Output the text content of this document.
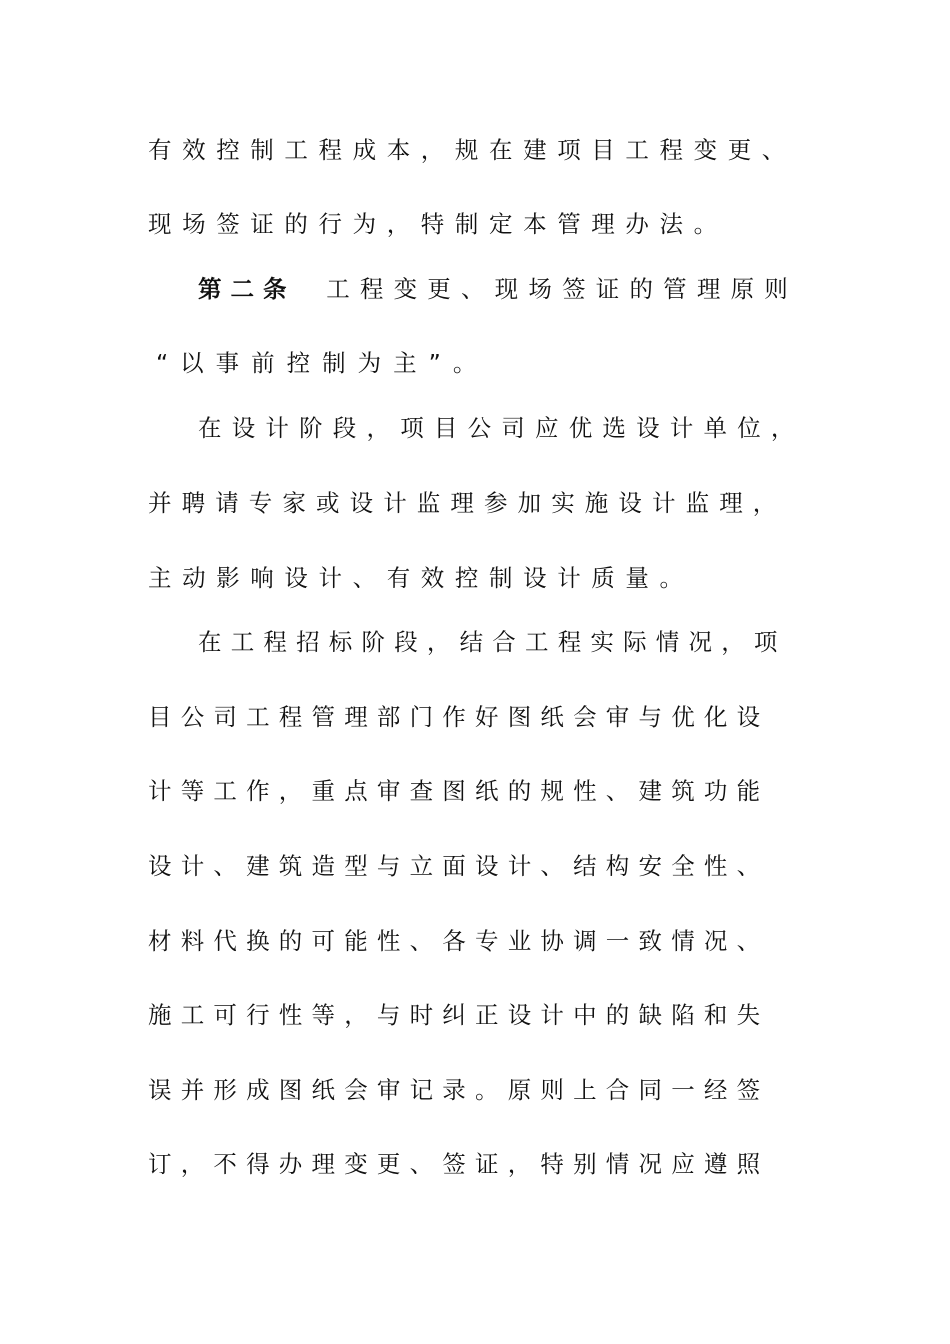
有效控制工程成本，规在建项目工程变更、
现场签证的行为，特制定本管理办法。
第二条 工程变更、现场签证的管理原则
“以事前控制为主”。
在设计阶段，项目公司应优选设计单位，
并聘请专家或设计监理参加实施设计监理，
主动影响设计、有效控制设计质量。
在工程招标阶段，结合工程实际情况，项
目公司工程管理部门作好图纸会审与优化设
计等工作，重点审查图纸的规性、建筑功能
设计、建筑造型与立面设计、结构安全性、
材料代换的可能性、各专业协调一致情况、
施工可行性等，与时纠正设计中的缺陷和失
误并形成图纸会审记录。原则上合同一经签
订，不得办理变更、签证，特别情况应遵照
